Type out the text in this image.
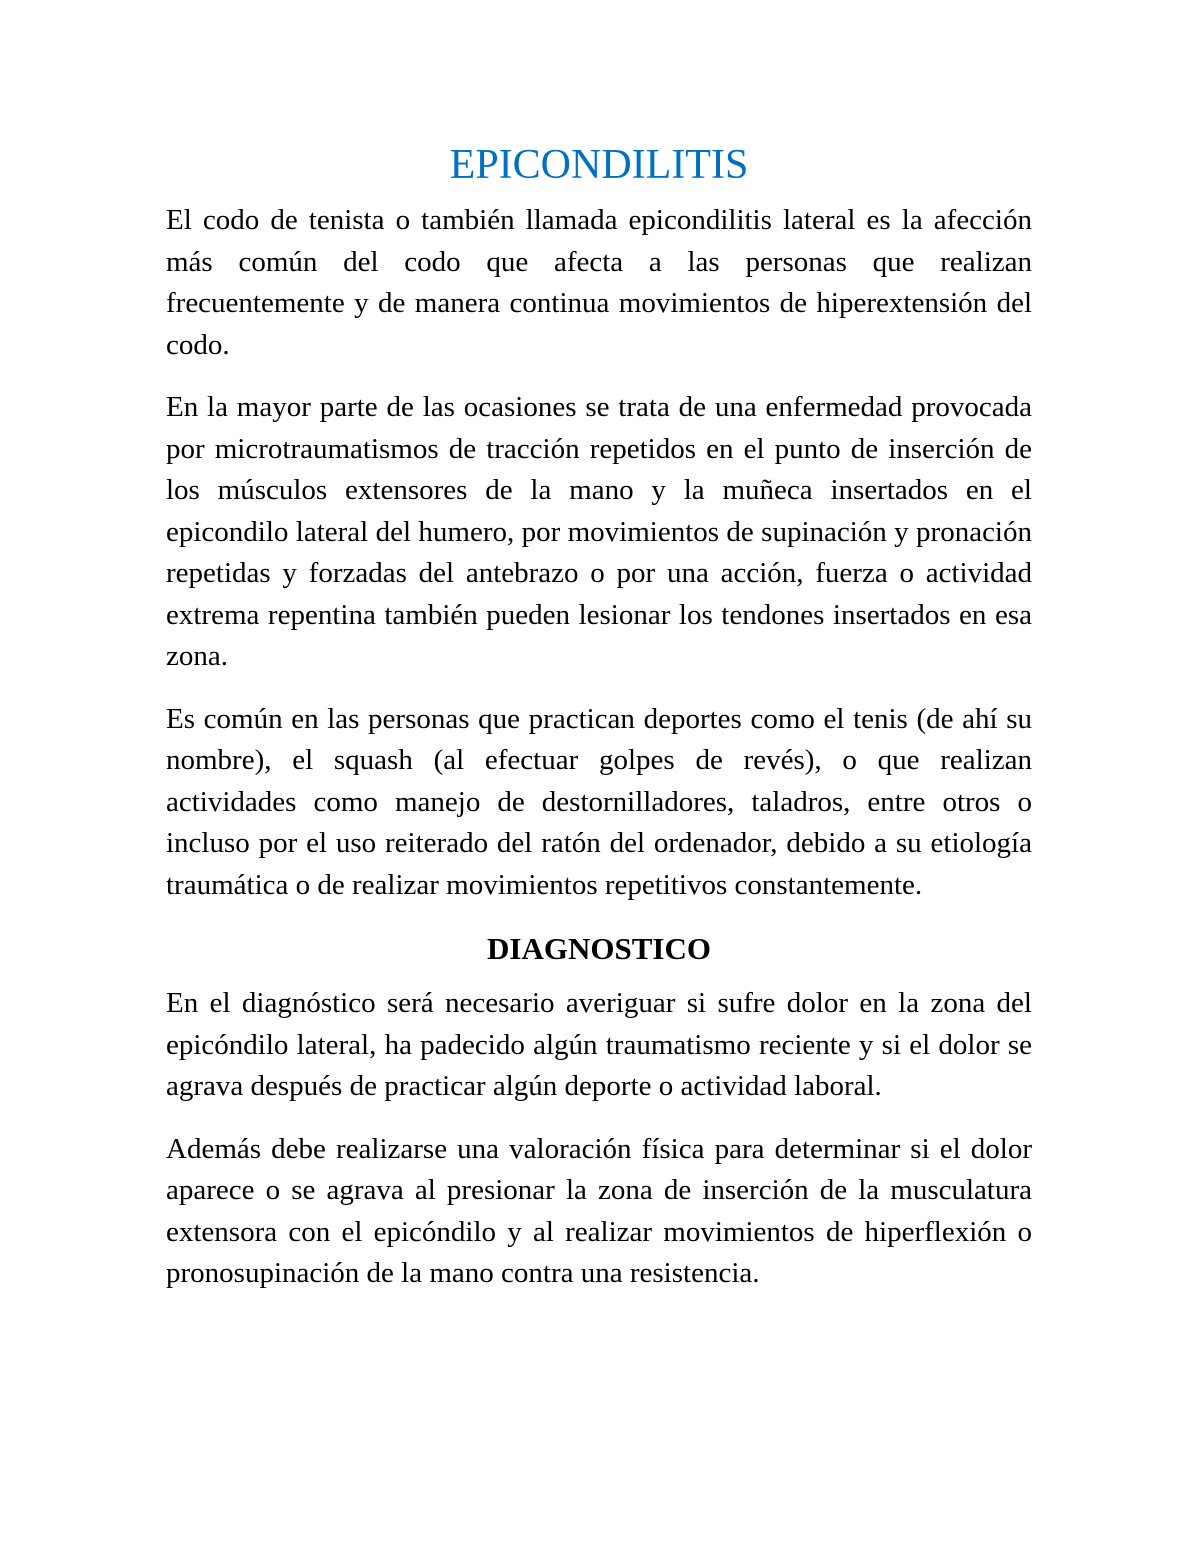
EPICONDILITIS

El codo de tenista o también llamada epicondilitis lateral es la afección más común del codo que afecta a las personas que realizan frecuentemente y de manera continua movimientos de hiperextensión del codo.

En la mayor parte de las ocasiones se trata de una enfermedad provocada por microtraumatismos de tracción repetidos en el punto de inserción de los músculos extensores de la mano y la muñeca insertados en el epicondilo lateral del humero, por movimientos de supinación y pronación repetidas y forzadas del antebrazo o por una acción, fuerza o actividad extrema repentina también pueden lesionar los tendones insertados en esa zona.

Es común en las personas que practican deportes como el tenis (de ahí su nombre), el squash (al efectuar golpes de revés), o que realizan actividades como manejo de destornilladores, taladros, entre otros o incluso por el uso reiterado del ratón del ordenador, debido a su etiología traumática o de realizar movimientos repetitivos constantemente.

DIAGNOSTICO

En el diagnóstico será necesario averiguar si sufre dolor en la zona del epicóndilo lateral, ha padecido algún traumatismo reciente y si el dolor se agrava después de practicar algún deporte o actividad laboral.

Además debe realizarse una valoración física para determinar si el dolor aparece o se agrava al presionar la zona de inserción de la musculatura extensora con el epicóndilo y al realizar movimientos de hiperflexión o pronosupinación de la mano contra una resistencia.
